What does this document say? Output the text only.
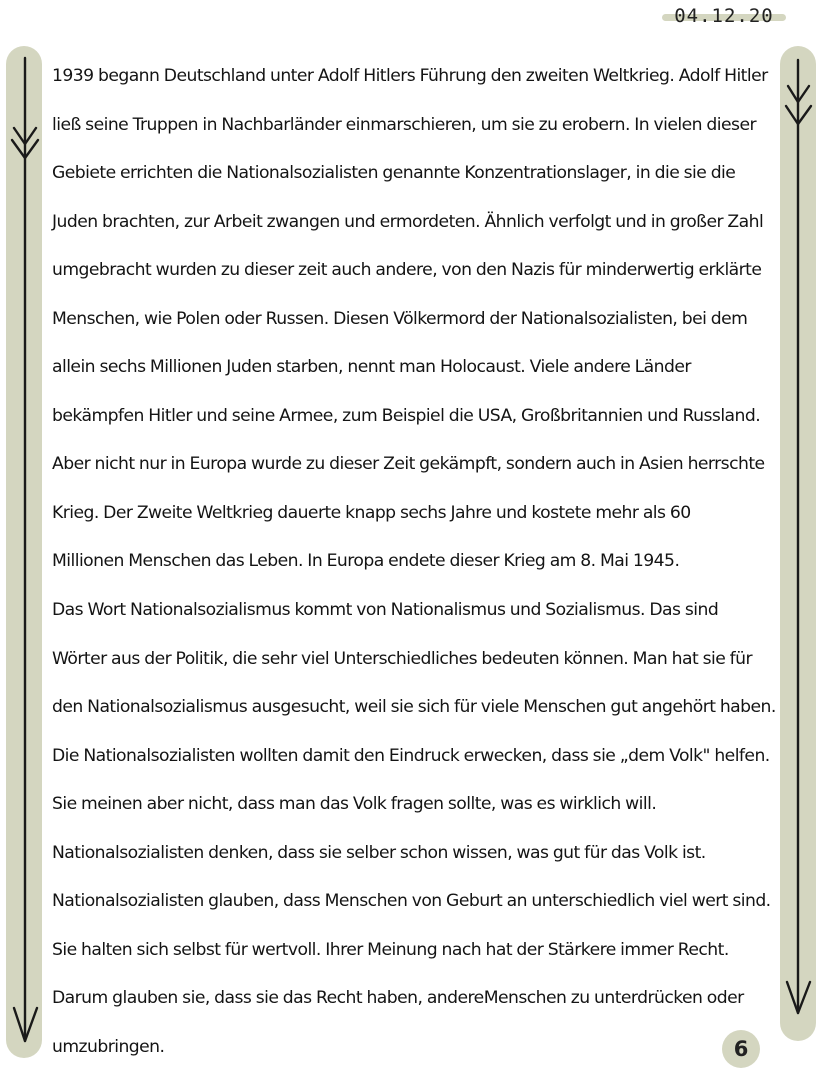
04.12.20
1939 begann Deutschland unter Adolf Hitlers Führung den zweiten Weltkrieg. Adolf Hitler
ließ seine Truppen in Nachbarländer einmarschieren, um sie zu erobern. In vielen dieser
Gebiete errichten die Nationalsozialisten genannte Konzentrationslager, in die sie die
Juden brachten, zur Arbeit zwangen und ermordeten. Ähnlich verfolgt und in großer Zahl
umgebracht wurden zu dieser zeit auch andere, von den Nazis für minderwertig erklärte
Menschen, wie Polen oder Russen. Diesen Völkermord der Nationalsozialisten, bei dem
allein sechs Millionen Juden starben, nennt man Holocaust. Viele andere Länder
bekämpfen Hitler und seine Armee, zum Beispiel die USA, Großbritannien und Russland.
Aber nicht nur in Europa wurde zu dieser Zeit gekämpft, sondern auch in Asien herrschte
Krieg. Der Zweite Weltkrieg dauerte knapp sechs Jahre und kostete mehr als 60
Millionen Menschen das Leben. In Europa endete dieser Krieg am 8. Mai 1945.
Das Wort Nationalsozialismus kommt von Nationalismus und Sozialismus. Das sind
Wörter aus der Politik, die sehr viel Unterschiedliches bedeuten können. Man hat sie für
den Nationalsozialismus ausgesucht, weil sie sich für viele Menschen gut angehört haben.
Die Nationalsozialisten wollten damit den Eindruck erwecken, dass sie „dem Volk" helfen.
Sie meinen aber nicht, dass man das Volk fragen sollte, was es wirklich will.
Nationalsozialisten denken, dass sie selber schon wissen, was gut für das Volk ist.
Nationalsozialisten glauben, dass Menschen von Geburt an unterschiedlich viel wert sind.
Sie halten sich selbst für wertvoll. Ihrer Meinung nach hat der Stärkere immer Recht.
Darum glauben sie, dass sie das Recht haben, andereMenschen zu unterdrücken oder
umzubringen.	6
